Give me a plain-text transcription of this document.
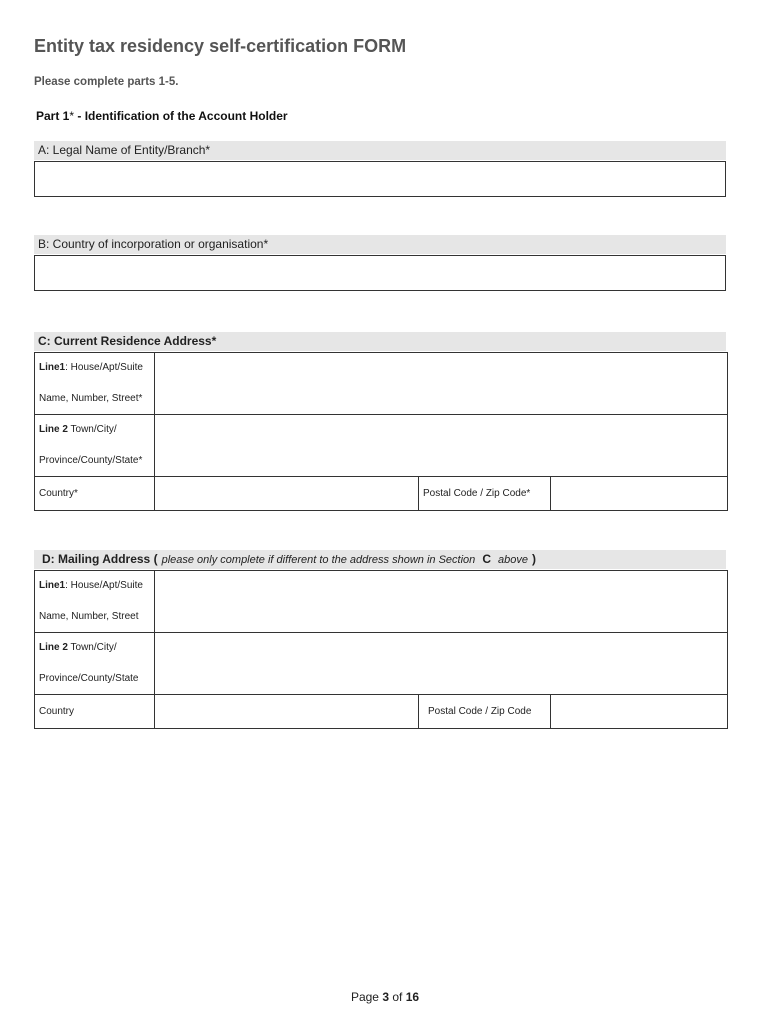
Entity tax residency self-certification FORM
Please complete parts 1-5.
Part 1* - Identification of the Account Holder
A: Legal Name of Entity/Branch*
B: Country of incorporation or organisation*
C: Current Residence Address*
Line1: House/Apt/Suite
Name, Number, Street*			

Line 2 Town/City/
Province/County/State*			

Country*		Postal Code / Zip Code*	
D: Mailing Address ( please only complete if different to the address shown in Section C above )
Line1: House/Apt/Suite
Name, Number, Street			

Line 2 Town/City/
Province/County/State			

Country		Postal Code / Zip Code	
Page 3 of 16
